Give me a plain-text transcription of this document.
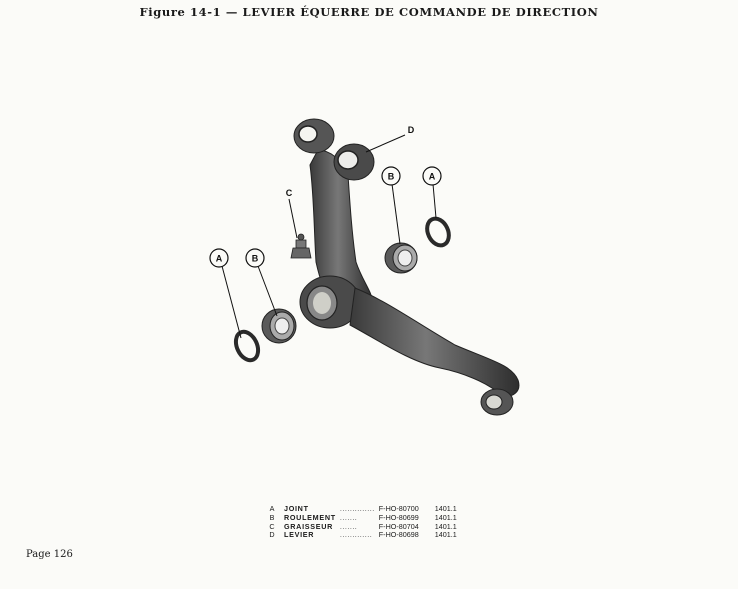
Figure 14-1 — LEVIER ÉQUERRE DE COMMANDE DE DIRECTION
A	B
C
D
B	A
A	JOINT	..............	F-HO-80700	1401.1
B	ROULEMENT	.......	F-HO-80699	1401.1
C	GRAISSEUR	.......	F-HO-80704	1401.1
D	LEVIER	.............	F-HO-80698	1401.1
Page 126
